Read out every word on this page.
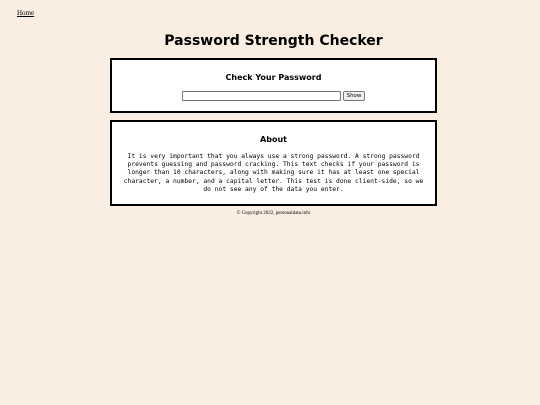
Home
Password Strength Checker
Check Your Password
Show
About

It is very important that you always use a strong password. A strong password prevents guessing and password cracking. This text checks if your password is longer than 10 characters, along with making sure it has at least one special character, a number, and a capital letter. This test is done client-side, so we do not see any of the data you enter.

© Copyright 2022, personaldata.info
